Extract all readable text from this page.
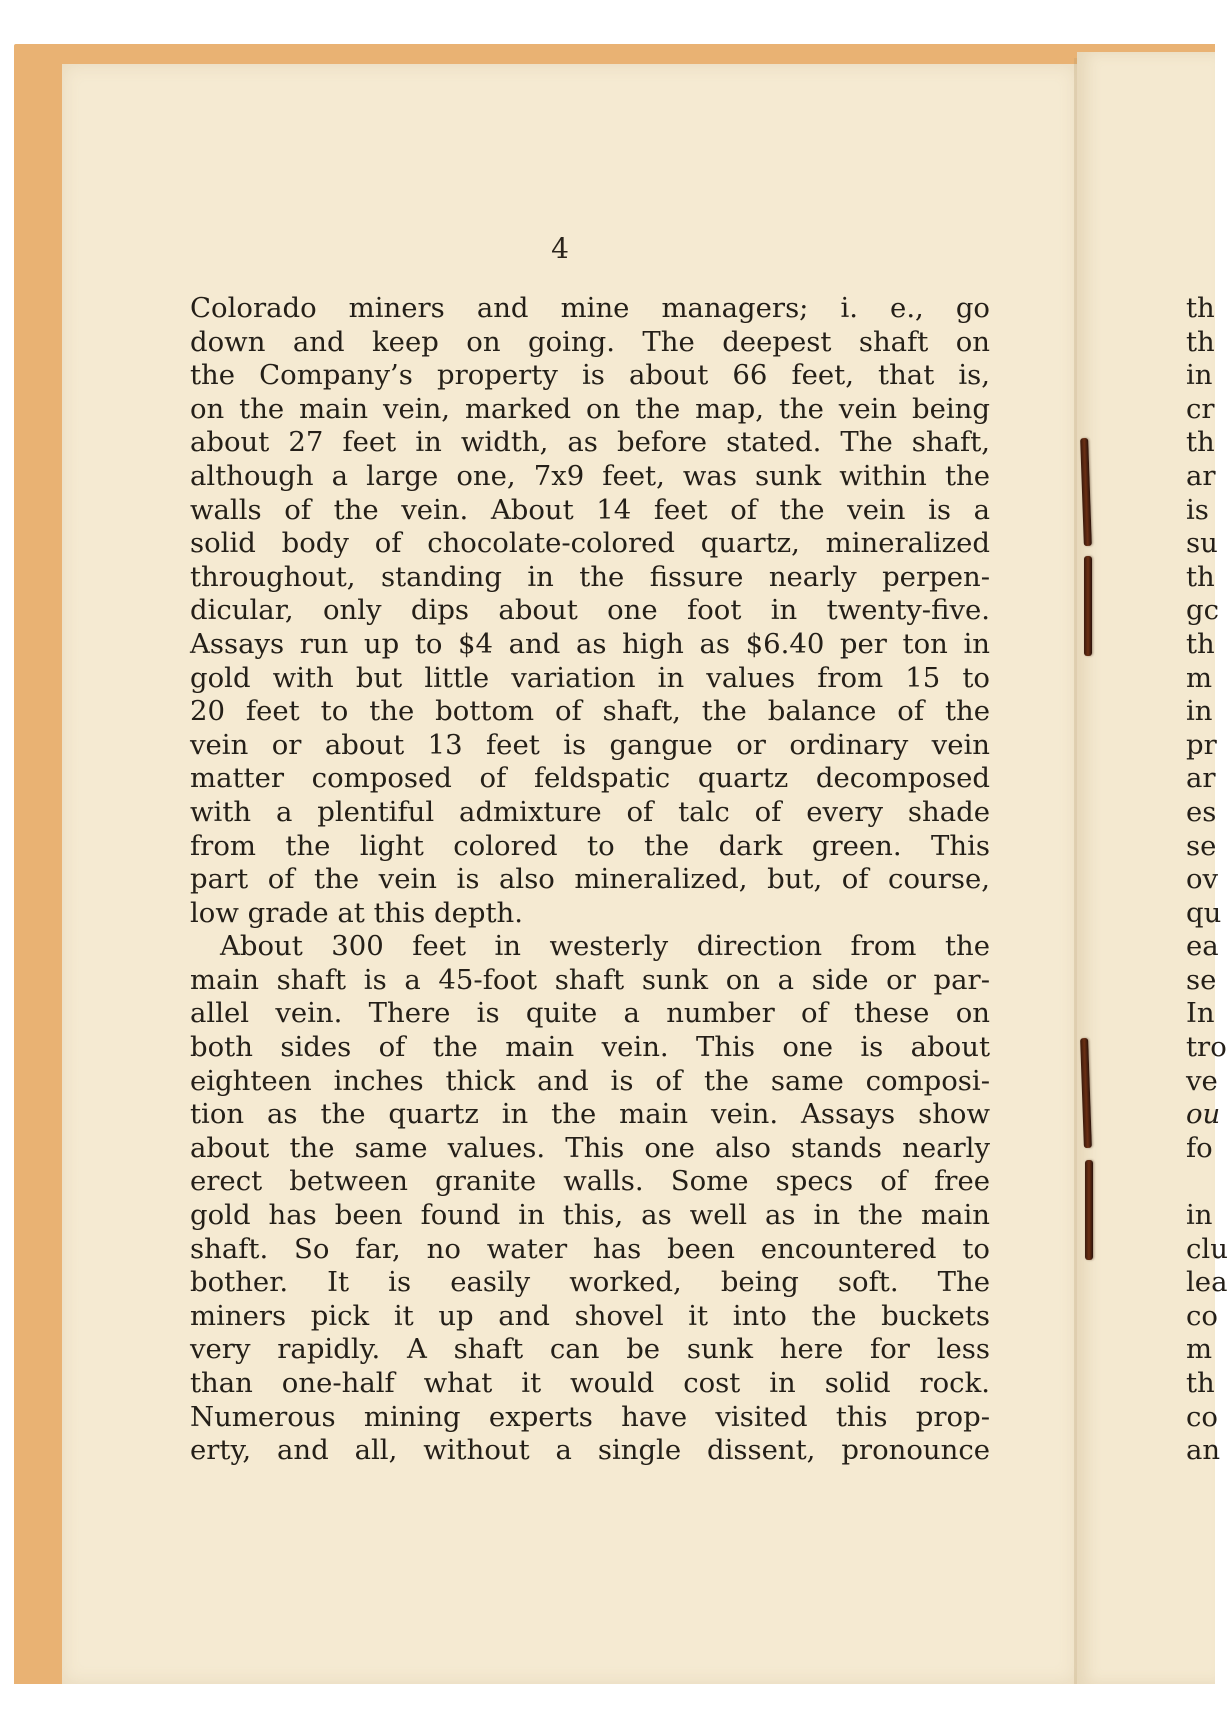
4
Colorado miners and mine managers; i. e., go
down and keep on going. The deepest shaft on
the Company’s property is about 66 feet, that is,
on the main vein, marked on the map, the vein being
about 27 feet in width, as before stated. The shaft,
although a large one, 7x9 feet, was sunk within the
walls of the vein. About 14 feet of the vein is a
solid body of chocolate-colored quartz, mineralized
throughout, standing in the fissure nearly perpen-
dicular, only dips about one foot in twenty-five.
Assays run up to $4 and as high as $6.40 per ton in
gold with but little variation in values from 15 to
20 feet to the bottom of shaft, the balance of the
vein or about 13 feet is gangue or ordinary vein
matter composed of feldspatic quartz decomposed
with a plentiful admixture of talc of every shade
from the light colored to the dark green. This
part of the vein is also mineralized, but, of course,
low grade at this depth.
About 300 feet in westerly direction from the
main shaft is a 45-foot shaft sunk on a side or par-
allel vein. There is quite a number of these on
both sides of the main vein. This one is about
eighteen inches thick and is of the same composi-
tion as the quartz in the main vein. Assays show
about the same values. This one also stands nearly
erect between granite walls. Some specs of free
gold has been found in this, as well as in the main
shaft. So far, no water has been encountered to
bother. It is easily worked, being soft. The
miners pick it up and shovel it into the buckets
very rapidly. A shaft can be sunk here for less
than one-half what it would cost in solid rock.
Numerous mining experts have visited this prop-
erty, and all, without a single dissent, pronounce
th
th
in
cr
th
ar
is
su
th
gc
th
m
in
pr
ar
es
se
ov
qu
ea
se
In
tro
ve
ou
fo
in
clu
lea
co
m
th
co
an
